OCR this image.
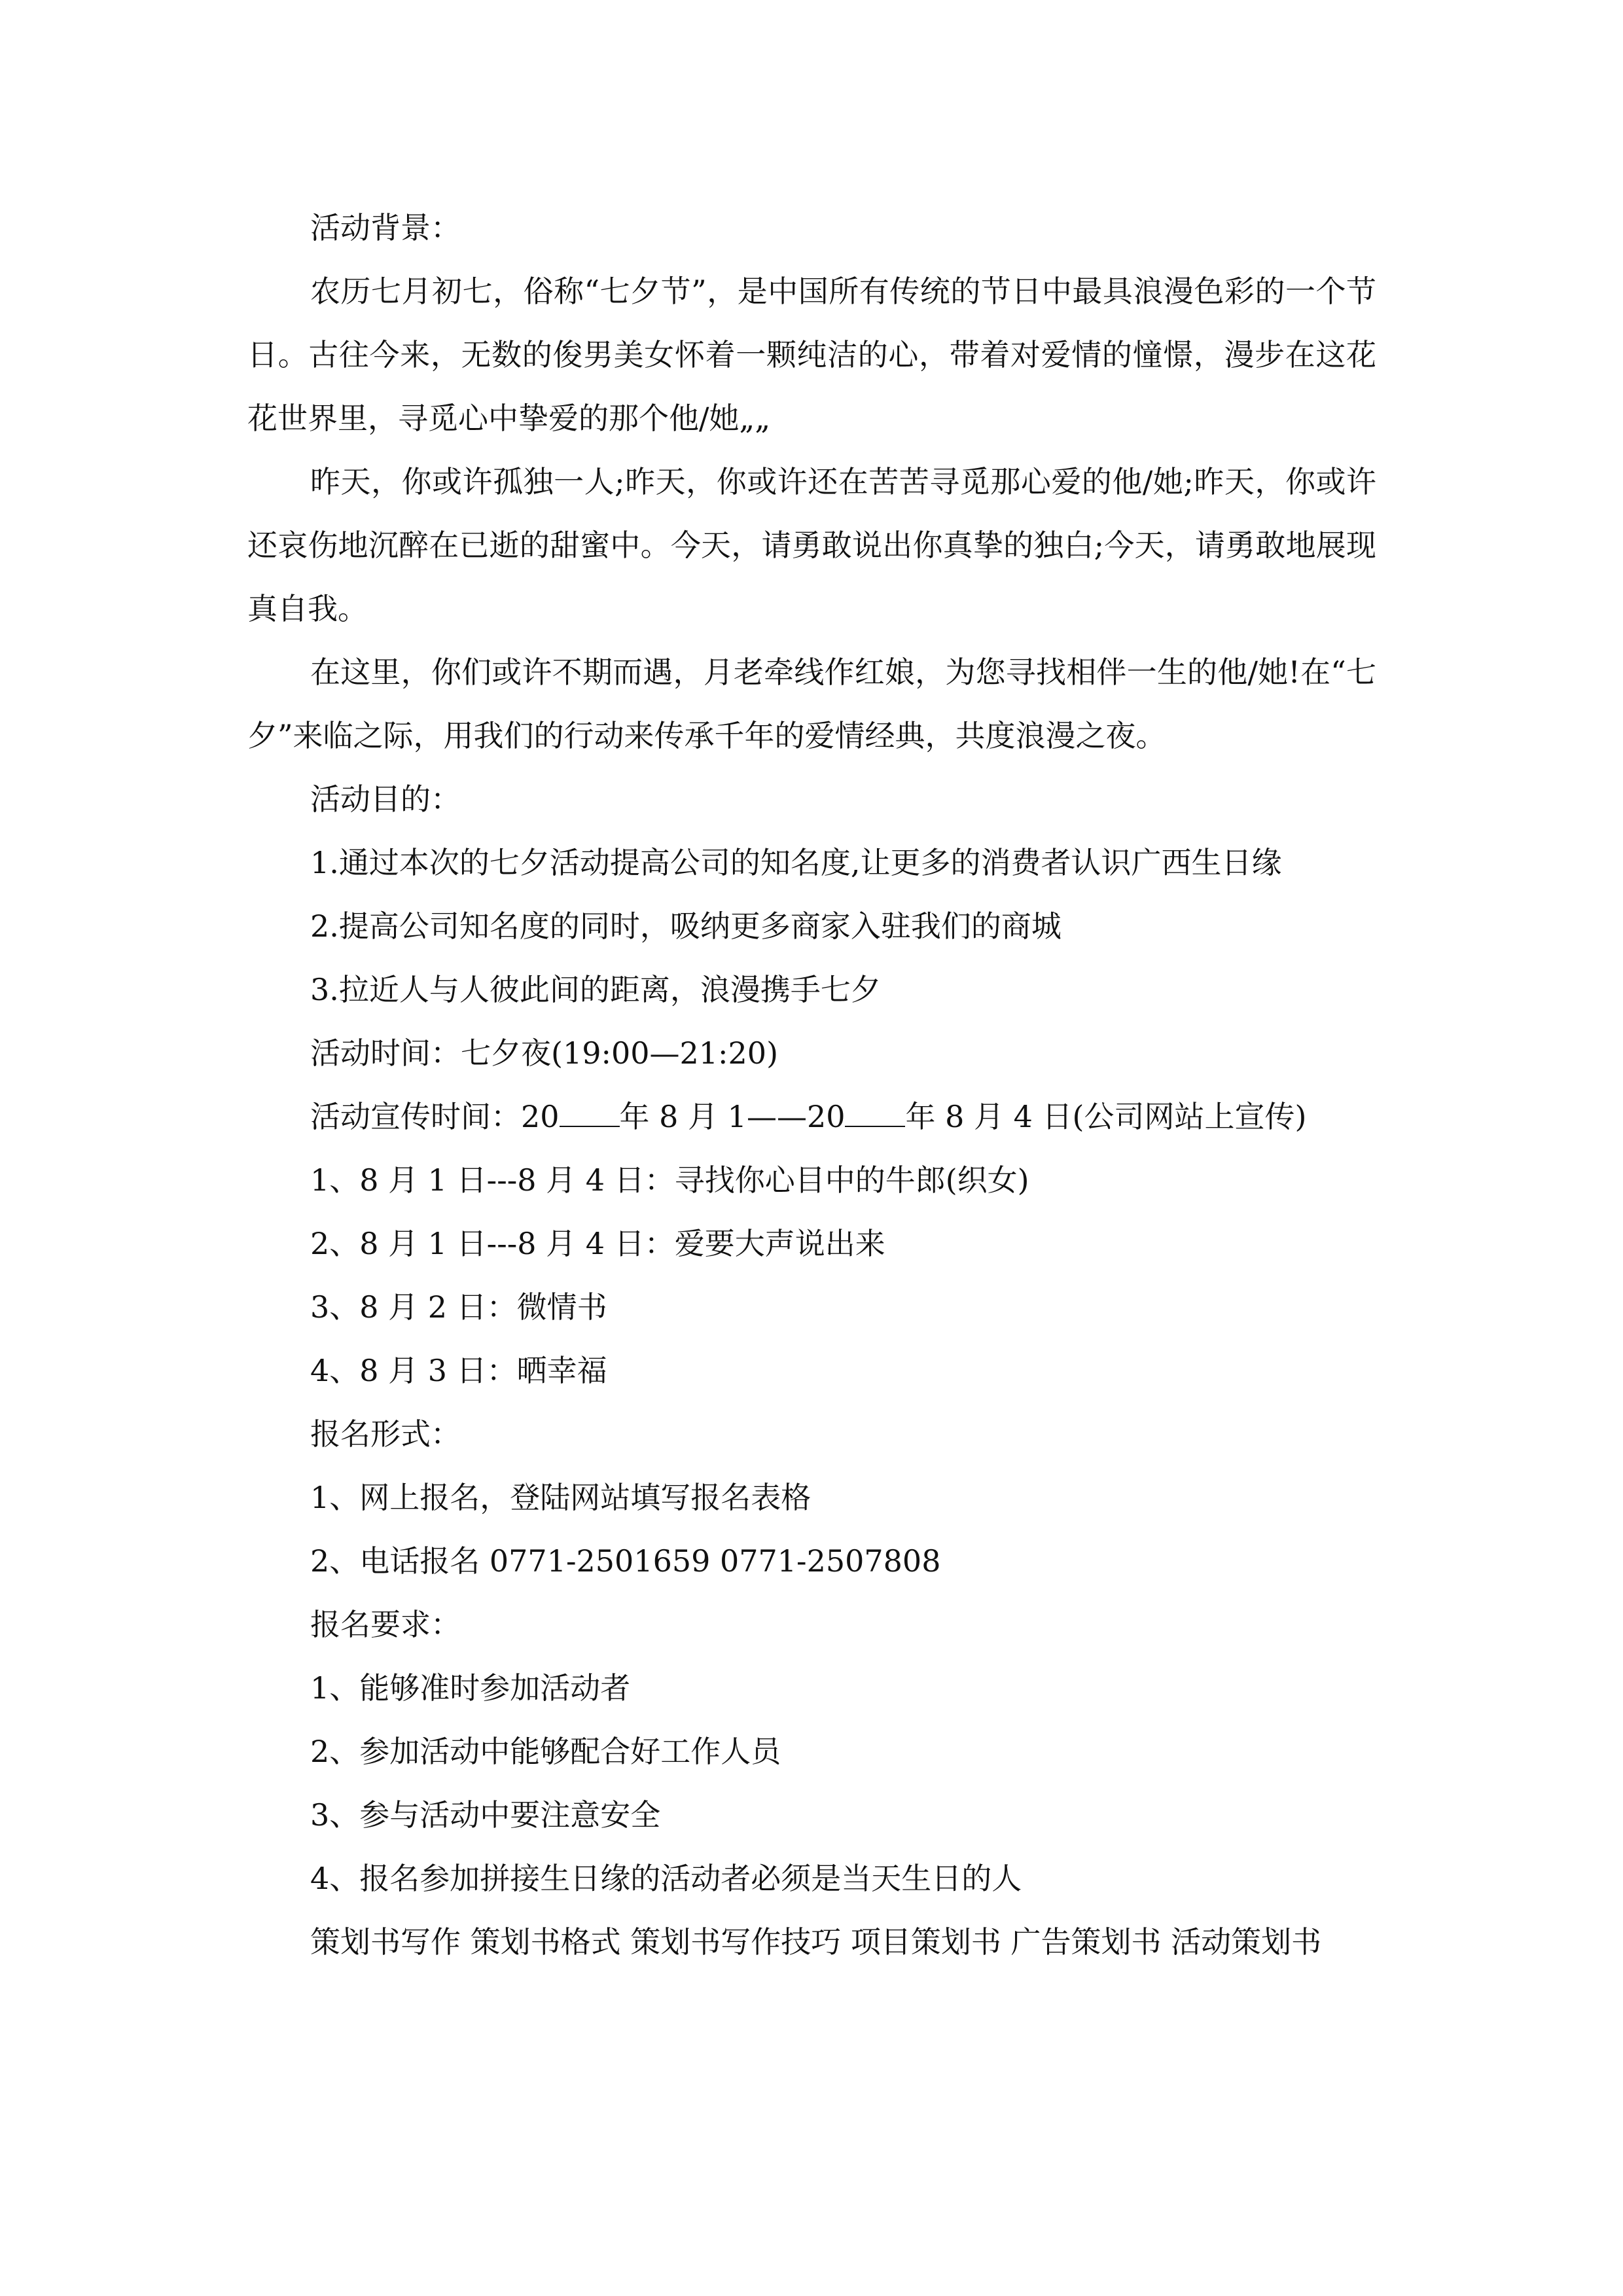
活动背景：

农历七月初七，俗称“七夕节”，是中国所有传统的节日中最具浪漫色彩的一个节日。古往今来，无数的俊男美女怀着一颗纯洁的心，带着对爱情的憧憬，漫步在这花花世界里，寻觅心中挚爱的那个他/她„„

昨天，你或许孤独一人;昨天，你或许还在苦苦寻觅那心爱的他/她;昨天，你或许还哀伤地沉醉在已逝的甜蜜中。今天，请勇敢说出你真挚的独白;今天，请勇敢地展现真自我。

在这里，你们或许不期而遇，月老牵线作红娘，为您寻找相伴一生的他/她!在“七夕”来临之际，用我们的行动来传承千年的爱情经典，共度浪漫之夜。

活动目的：

1.通过本次的七夕活动提高公司的知名度,让更多的消费者认识广西生日缘

2.提高公司知名度的同时，吸纳更多商家入驻我们的商城

3.拉近人与人彼此间的距离，浪漫携手七夕

活动时间：七夕夜(19:00—21:20)

活动宣传时间：20 年 8 月 1——20 年 8 月 4 日(公司网站上宣传)

1、8 月 1 日---8 月 4 日：寻找你心目中的牛郎(织女)

2、8 月 1 日---8 月 4 日：爱要大声说出来

3、8 月 2 日：微情书

4、8 月 3 日：晒幸福

报名形式：

1、网上报名，登陆网站填写报名表格

2、电话报名 0771-2501659 0771-2507808

报名要求：

1、能够准时参加活动者

2、参加活动中能够配合好工作人员

3、参与活动中要注意安全

4、报名参加拼接生日缘的活动者必须是当天生日的人

策划书写作 策划书格式 策划书写作技巧 项目策划书 广告策划书 活动策划书
